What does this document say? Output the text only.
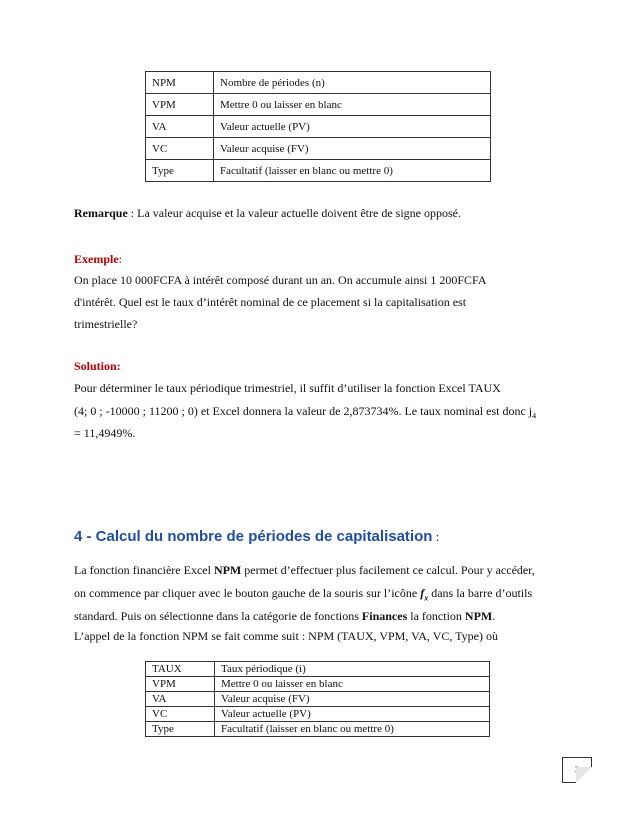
NPM	Nombre de périodes (n)
VPM	Mettre 0 ou laisser en blanc
VA	Valeur actuelle (PV)
VC	Valeur acquise (FV)
Type	Facultatif (laisser en blanc ou mettre 0)
Remarque : La valeur acquise et la valeur actuelle doivent être de signe opposé.
Exemple:
On place 10 000FCFA à intérêt composé durant un an. On accumule ainsi 1 200FCFA
d'intérêt. Quel est le taux d’intérêt nominal de ce placement si la capitalisation est
trimestrielle?
Solution:
Pour déterminer le taux périodique trimestriel, il suffit d’utiliser la fonction Excel TAUX
(4; 0 ; -10000 ; 11200 ; 0) et Excel donnera la valeur de 2,873734%. Le taux nominal est donc $j_4$
= 11,4949%.
4 - Calcul du nombre de périodes de capitalisation :
La fonction financière Excel NPM permet d’effectuer plus facilement ce calcul. Pour y accéder,
on commence par cliquer avec le bouton gauche de la souris sur l’icône $f_x$ dans la barre d’outils
standard. Puis on sélectionne dans la catégorie de fonctions Finances la fonction NPM.
L’appel de la fonction NPM se fait comme suit : NPM (TAUX, VPM, VA, VC, Type) où
TAUX	Taux périodique (i)
VPM	Mettre 0 ou laisser en blanc
VA	Valeur acquise (FV)
VC	Valeur actuelle (PV)
Type	Facultatif (laisser en blanc ou mettre 0)
3
